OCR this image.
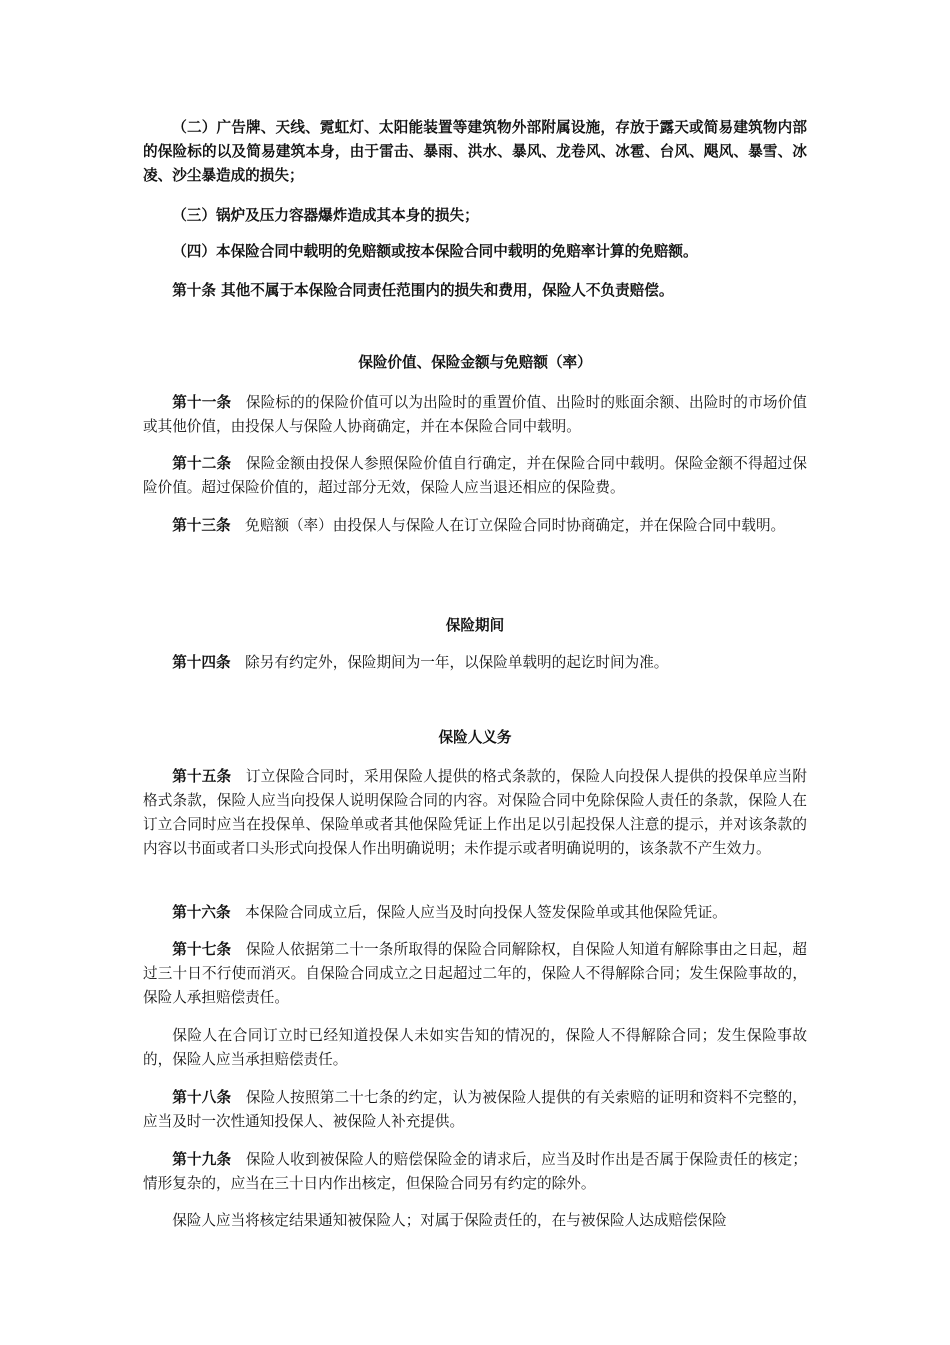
（二）广告牌、天线、霓虹灯、太阳能装置等建筑物外部附属设施，存放于露天或简易建筑物内部的保险标的以及简易建筑本身，由于雷击、暴雨、洪水、暴风、龙卷风、冰雹、台风、飓风、暴雪、冰凌、沙尘暴造成的损失；
（三）锅炉及压力容器爆炸造成其本身的损失；
（四）本保险合同中载明的免赔额或按本保险合同中载明的免赔率计算的免赔额。
第十条 其他不属于本保险合同责任范围内的损失和费用，保险人不负责赔偿。
保险价值、保险金额与免赔额（率）
第十一条 保险标的的保险价值可以为出险时的重置价值、出险时的账面余额、出险时的市场价值或其他价值，由投保人与保险人协商确定，并在本保险合同中载明。
第十二条 保险金额由投保人参照保险价值自行确定，并在保险合同中载明。保险金额不得超过保险价值。超过保险价值的，超过部分无效，保险人应当退还相应的保险费。
第十三条 免赔额（率）由投保人与保险人在订立保险合同时协商确定，并在保险合同中载明。
保险期间
第十四条 除另有约定外，保险期间为一年，以保险单载明的起讫时间为准。
保险人义务
第十五条 订立保险合同时，采用保险人提供的格式条款的，保险人向投保人提供的投保单应当附格式条款，保险人应当向投保人说明保险合同的内容。对保险合同中免除保险人责任的条款，保险人在订立合同时应当在投保单、保险单或者其他保险凭证上作出足以引起投保人注意的提示，并对该条款的内容以书面或者口头形式向投保人作出明确说明；未作提示或者明确说明的，该条款不产生效力。
第十六条 本保险合同成立后，保险人应当及时向投保人签发保险单或其他保险凭证。
第十七条 保险人依据第二十一条所取得的保险合同解除权，自保险人知道有解除事由之日起，超过三十日不行使而消灭。自保险合同成立之日起超过二年的，保险人不得解除合同；发生保险事故的，保险人承担赔偿责任。
保险人在合同订立时已经知道投保人未如实告知的情况的，保险人不得解除合同；发生保险事故的，保险人应当承担赔偿责任。
第十八条 保险人按照第二十七条的约定，认为被保险人提供的有关索赔的证明和资料不完整的，应当及时一次性通知投保人、被保险人补充提供。
第十九条 保险人收到被保险人的赔偿保险金的请求后，应当及时作出是否属于保险责任的核定；情形复杂的，应当在三十日内作出核定，但保险合同另有约定的除外。
保险人应当将核定结果通知被保险人；对属于保险责任的，在与被保险人达成赔偿保险
